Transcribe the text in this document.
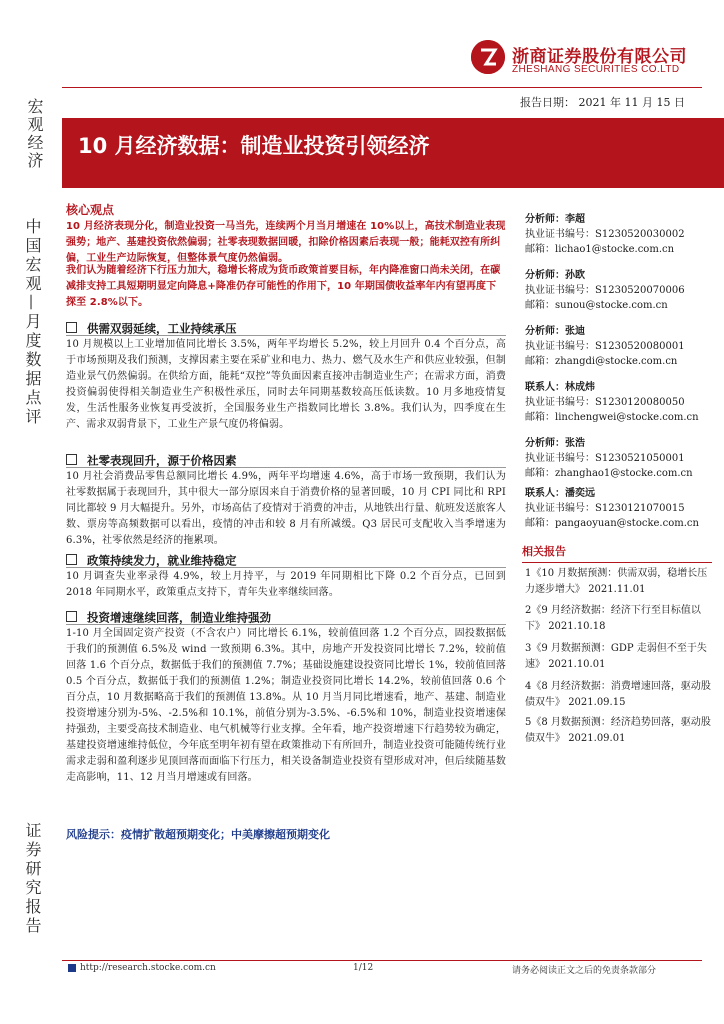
浙商证券股份有限公司
ZHESHANG SECURITIES CO.LTD
报告日期： 2021 年 11 月 15 日
宏观经济
中国宏观—月度数据点评
证券研究报告
10 月经济数据：制造业投资引领经济
核心观点
10 月经济表现分化，制造业投资一马当先，连续两个月当月增速在 10%以上，高技术制造业表现强势；地产、基建投资依然偏弱；社零表现数据回暖，扣除价格因素后表现一般；能耗双控有所纠偏，工业生产边际恢复，但整体景气度仍然偏弱。
我们认为随着经济下行压力加大，稳增长将成为货币政策首要目标，年内降准窗口尚未关闭，在碳减排支持工具短期明显定向降息+降准仍存可能性的作用下，10 年期国债收益率年内有望再度下探至 2.8%以下。
供需双弱延续，工业持续承压
10 月规模以上工业增加值同比增长 3.5%，两年平均增长 5.2%，较上月回升 0.4 个百分点，高于市场预期及我们预测，支撑因素主要在采矿业和电力、热力、燃气及水生产和供应业较强，但制造业景气仍然偏弱。在供给方面，能耗“双控”等负面因素直接冲击制造业生产；在需求方面，消费投资偏弱使得相关制造业生产积极性承压，同时去年同期基数较高压低读数。10 月多地疫情复发，生活性服务业恢复再受波折，全国服务业生产指数同比增长 3.8%。我们认为，四季度在生产、需求双弱背景下，工业生产景气度仍将偏弱。
社零表现回升，源于价格因素
10 月社会消费品零售总额同比增长 4.9%，两年平均增速 4.6%，高于市场一致预期，我们认为社零数据属于表现回升，其中很大一部分原因来自于消费价格的显著回暖，10 月 CPI 同比和 RPI 同比都较 9 月大幅提升。另外，市场高估了疫情对于消费的冲击，从地铁出行量、航班发送旅客人数、票房等高频数据可以看出，疫情的冲击和较 8 月有所减缓。Q3 居民可支配收入当季增速为 6.3%，社零依然是经济的拖累项。
政策持续发力，就业维持稳定
10 月调查失业率录得 4.9%，较上月持平，与 2019 年同期相比下降 0.2 个百分点，已回到 2018 年同期水平，政策重点支持下，青年失业率继续回落。
投资增速继续回落，制造业维持强劲
1-10 月全国固定资产投资（不含农户）同比增长 6.1%，较前值回落 1.2 个百分点，固投数据低于我们的预测值 6.5%及 wind 一致预期 6.3%。其中，房地产开发投资同比增长 7.2%，较前值回落 1.6 个百分点，数据低于我们的预测值 7.7%；基础设施建设投资同比增长 1%，较前值回落 0.5 个百分点，数据低于我们的预测值 1.2%；制造业投资同比增长 14.2%，较前值回落 0.6 个百分点，10 月数据略高于我们的预测值 13.8%。从 10 月当月同比增速看，地产、基建、制造业投资增速分别为-5%、-2.5%和 10.1%，前值分别为-3.5%、-6.5%和 10%，制造业投资增速保持强劲，主要受高技术制造业、电气机械等行业支撑。全年看，地产投资增速下行趋势较为确定，基建投资增速维持低位，今年底至明年初有望在政策推动下有所回升，制造业投资可能随传统行业需求走弱和盈利逐步见顶回落而面临下行压力，相关设备制造业投资有望形成对冲，但后续随基数走高影响，11、12 月当月增速或有回落。
风险提示：疫情扩散超预期变化；中美摩擦超预期变化
分析师：李超
执业证书编号：S1230520030002
邮箱：lichao1@stocke.com.cn
分析师：孙欧
执业证书编号：S1230520070006
邮箱：sunou@stocke.com.cn
分析师：张迪
执业证书编号：S1230520080001
邮箱：zhangdi@stocke.com.cn
联系人：林成炜
执业证书编号：S1230120080050
邮箱：linchengwei@stocke.com.cn
分析师：张浩
执业证书编号：S1230521050001
邮箱：zhanghao1@stocke.com.cn
联系人：潘奕远
执业证书编号：S1230121070015
邮箱：pangaoyuan@stocke.com.cn
相关报告
1《10 月数据预测：供需双弱，稳增长压力逐步增大》 2021.11.01
2《9 月经济数据：经济下行至目标值以下》 2021.10.18
3《9 月数据预测：GDP 走弱但不至于失速》 2021.10.01
4《8 月经济数据：消费增速回落，驱动股债双牛》 2021.09.15
5《8 月数据预测：经济趋势回落，驱动股债双牛》 2021.09.01
http://research.stocke.com.cn	1/12	请务必阅读正文之后的免责条款部分
